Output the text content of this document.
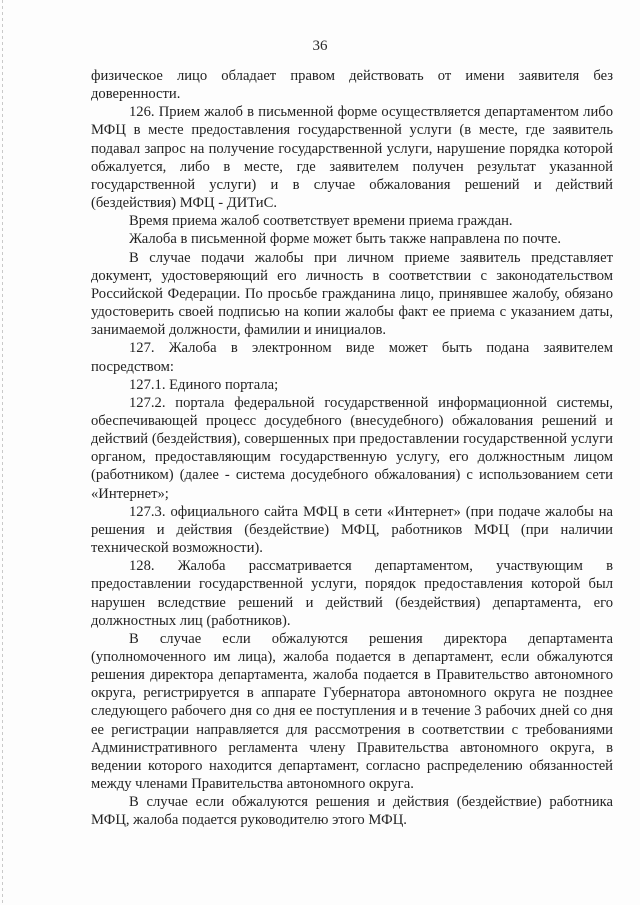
36

физическое лицо обладает правом действовать от имени заявителя без доверенности.

126. Прием жалоб в письменной форме осуществляется департаментом либо МФЦ в месте предоставления государственной услуги (в месте, где заявитель подавал запрос на получение государственной услуги, нарушение порядка которой обжалуется, либо в месте, где заявителем получен результат указанной государственной услуги) и в случае обжалования решений и действий (бездействия) МФЦ - ДИТиС.

Время приема жалоб соответствует времени приема граждан.

Жалоба в письменной форме может быть также направлена по почте.

В случае подачи жалобы при личном приеме заявитель представляет документ, удостоверяющий его личность в соответствии с законодательством Российской Федерации. По просьбе гражданина лицо, принявшее жалобу, обязано удостоверить своей подписью на копии жалобы факт ее приема с указанием даты, занимаемой должности, фамилии и инициалов.

127. Жалоба в электронном виде может быть подана заявителем посредством:

127.1. Единого портала;

127.2. портала федеральной государственной информационной системы, обеспечивающей процесс досудебного (внесудебного) обжалования решений и действий (бездействия), совершенных при предоставлении государственной услуги органом, предоставляющим государственную услугу, его должностным лицом (работником) (далее - система досудебного обжалования) с использованием сети «Интернет»;

127.3. официального сайта МФЦ в сети «Интернет» (при подаче жалобы на решения и действия (бездействие) МФЦ, работников МФЦ (при наличии технической возможности).

128. Жалоба рассматривается департаментом, участвующим в предоставлении государственной услуги, порядок предоставления которой был нарушен вследствие решений и действий (бездействия) департамента, его должностных лиц (работников).

В случае если обжалуются решения директора департамента (уполномоченного им лица), жалоба подается в департамент, если обжалуются решения директора департамента, жалоба подается в Правительство автономного округа, регистрируется в аппарате Губернатора автономного округа не позднее следующего рабочего дня со дня ее поступления и в течение 3 рабочих дней со дня ее регистрации направляется для рассмотрения в соответствии с требованиями Административного регламента члену Правительства автономного округа, в ведении которого находится департамент, согласно распределению обязанностей между членами Правительства автономного округа.

В случае если обжалуются решения и действия (бездействие) работника МФЦ, жалоба подается руководителю этого МФЦ.
